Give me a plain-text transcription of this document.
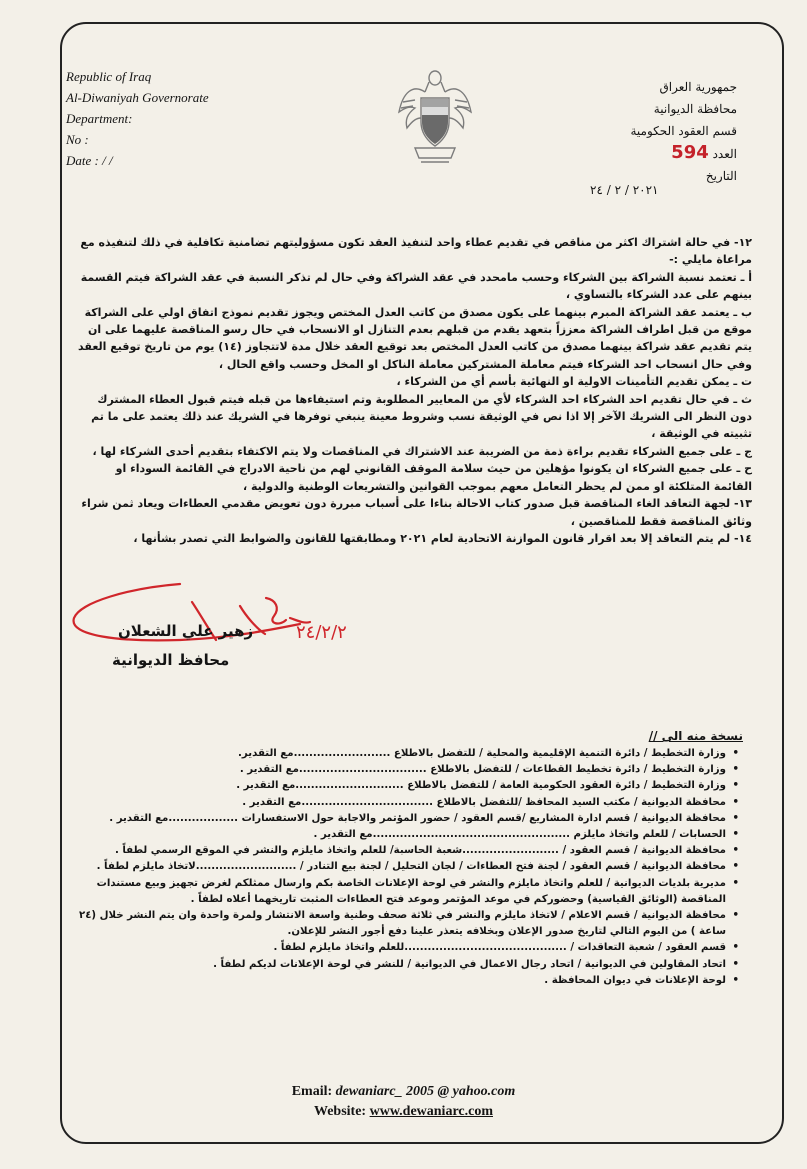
Republic of Iraq
Al-Diwaniyah Governorate
Department:
No :
Date : / /
جمهورية العراق
محافظة الديوانية
قسم العقود الحكومية
العدد 594
التاريخ
٢٠٢١ / ٢ / ٢٤

١٢- في حالة اشتراك اكثر من مناقص في تقديم عطاء واحد لتنفيذ العقد تكون مسؤوليتهم تضامنية تكافلية في ذلك لتنفيذه مع مراعاة مايلي :-

أ ـ تعتمد نسبة الشراكة بين الشركاء وحسب مامحدد في عقد الشراكة وفي حال لم تذكر النسبة في عقد الشراكة فيتم القسمة بينهم على عدد الشركاء بالتساوي ،

ب ـ يعتمد عقد الشراكة المبرم بينهما على يكون مصدق من كاتب العدل المختص ويجوز تقديم نموذج اتفاق اولي على الشراكة موقع من قبل اطراف الشراكة معززاً بتعهد يقدم من قبلهم بعدم التنازل او الانسحاب في حال رسو المناقصة عليهما على ان يتم تقديم عقد شراكة بينهما مصدق من كاتب العدل المختص بعد توقيع العقد خلال مدة لاتتجاوز (١٤) يوم من تاريخ توقيع العقد وفي حال انسحاب احد الشركاء فيتم معاملة المشتركين معاملة الناكل او المخل وحسب واقع الحال ،

ت ـ يمكن تقديم التأمينات الاولية او النهائية بأسم أي من الشركاء ،

ث ـ في حال تقديم احد الشركاء احد الشركاء لأي من المعايير المطلوبة وتم استيفاءها من قبله فيتم قبول العطاء المشترك دون النظر الى الشريك الآخر إلا اذا نص في الوثيقة نسب وشروط معينة ينبغي توفرها في الشريك عند ذلك يعتمد على ما تم تثبيته في الوثيقة ،

ج ـ على جميع الشركاء تقديم براءة ذمة من الضريبة عند الاشتراك في المناقصات ولا يتم الاكتفاء بتقديم أحدى الشركاء لها ،

ح ـ على جميع الشركاء ان يكونوا مؤهلين من حيث سلامة الموقف القانوني لهم من ناحية الادراج في القائمة السوداء او القائمة المتلكئة او ممن لم يحظر التعامل معهم بموجب القوانين والتشريعات الوطنية والدولية ،

١٣- لجهة التعاقد الغاء المناقصة قبل صدور كتاب الاحالة بناءا على أسباب مبررة دون تعويض مقدمي العطاءات ويعاد ثمن شراء وثائق المناقصة فقط للمناقصين ،

١٤- لم يتم التعاقد إلا بعد اقرار قانون الموازنة الاتحادية لعام ٢٠٢١ ومطابقتها للقانون والضوابط التي تصدر بشأنها ،

٢٤/٢/٢
زهير علي الشعلان
محافظ الديوانية
نسخة منه الى //
• وزارة التخطيط / دائرة التنمية الإقليمية والمحلية / للتفضل بالاطلاع .........................مع التقدير.
• وزارة التخطيط / دائرة تخطيط القطاعات / للتفضل بالاطلاع .................................مع التقدير .
• وزارة التخطيط / دائرة العقود الحكومية العامة / للتفضل بالاطلاع ............................مع التقدير .
• محافظة الديوانية / مكتب السيد المحافظ /للتفضل بالاطلاع ..................................مع التقدير .
• محافظة الديوانية / قسم ادارة المشاريع /قسم العقود / حضور المؤتمر والاجابة حول الاستفسارات ..................مع التقدير .
• الحسابات / للعلم واتخاذ مايلزم ...................................................مع التقدير .
• محافظة الديوانية / قسم العقود / .........................شعبة الحاسبة/ للعلم واتخاذ مايلزم والنشر في الموقع الرسمي لطفاً .
• محافظة الديوانية / قسم العقود / لجنة فتح العطاءات / لجان التحليل / لجنة بيع التنادر / ..........................لاتخاذ مايلزم لطفاً .
• مديرية بلديات الديوانية / للعلم واتخاذ مايلزم والنشر في لوحة الإعلانات الخاصة بكم وارسال ممثلكم لغرض تجهيز وبيع مستندات المناقصة (الوثائق القياسية) وحضوركم في موعد المؤتمر وموعد فتح العطاءات المثبت تاريخهما أعلاه لطفاً .
• محافظة الديوانية / قسم الاعلام / لاتخاذ مايلزم والنشر في ثلاثة صحف وطنية واسعة الانتشار ولمرة واحدة وان يتم النشر خلال (٢٤ ساعة ) من اليوم التالي لتاريخ صدور الإعلان وبخلافه يتعذر علينا دفع أجور النشر للإعلان.
• قسم العقود / شعبة التعاقدات / ..........................................للعلم واتخاذ مايلزم لطفاً .
• اتحاد المقاولين في الديوانية / اتحاد رجال الاعمال في الديوانية / للنشر في لوحة الإعلانات لديكم لطفاً .
• لوحة الإعلانات في ديوان المحافظة .
Email: dewaniarc_ 2005 @ yahoo.com
Website: www.dewaniarc.com
